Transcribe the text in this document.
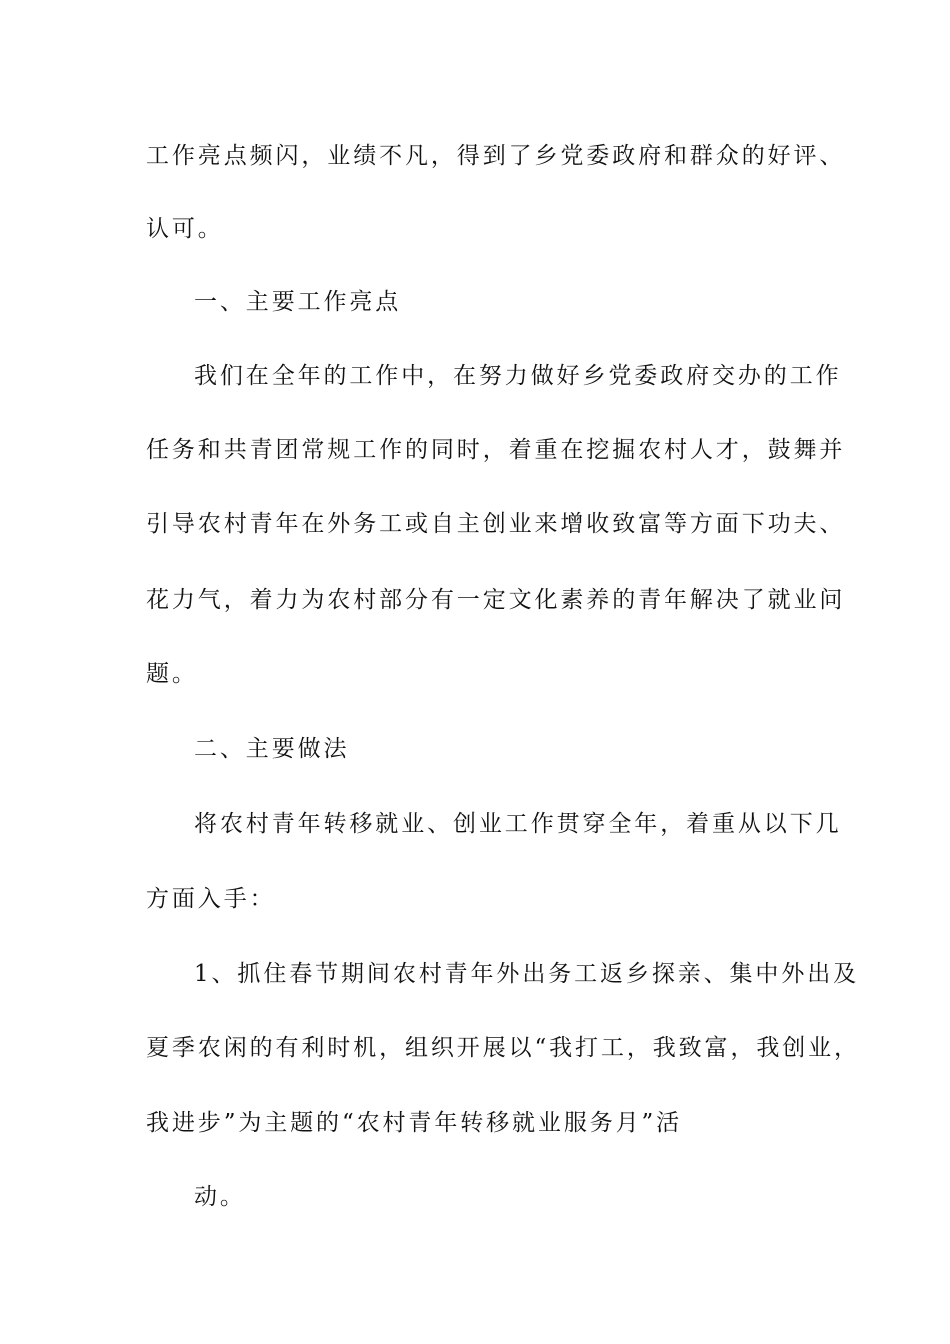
工作亮点频闪，业绩不凡，得到了乡党委政府和群众的好评、

认可。

一、主要工作亮点

我们在全年的工作中，在努力做好乡党委政府交办的工作

任务和共青团常规工作的同时，着重在挖掘农村人才，鼓舞并

引导农村青年在外务工或自主创业来增收致富等方面下功夫、

花力气，着力为农村部分有一定文化素养的青年解决了就业问

题。

二、主要做法

将农村青年转移就业、创业工作贯穿全年，着重从以下几

方面入手：

1、抓住春节期间农村青年外出务工返乡探亲、集中外出及

夏季农闲的有利时机，组织开展以“我打工，我致富，我创业，

我进步”为主题的“农村青年转移就业服务月”活

动。
